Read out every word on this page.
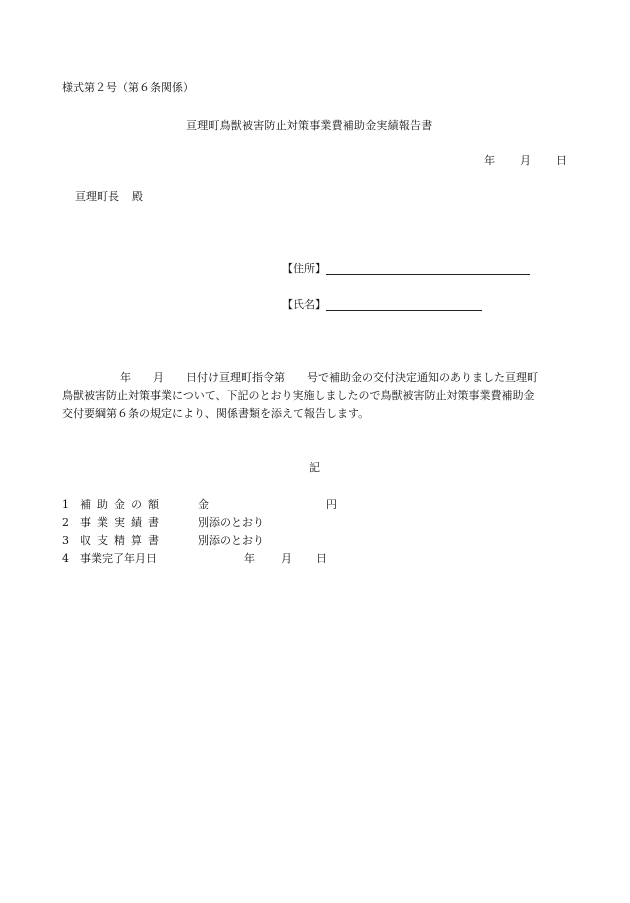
様式第２号（第６条関係）
亘理町鳥獣被害防止対策事業費補助金実績報告書
年 月 日
亘理町長 殿
【住所】
【氏名】
年　　月　　日付け亘理町指令第　　号で補助金の交付決定通知のありました亘理町
鳥獣被害防止対策事業について、下記のとおり実施しましたので鳥獣被害防止対策事業費補助金
交付要綱第６条の規定により、関係書類を添えて報告します。
記
1 補助金の額	金	円
2 事業実績書	別添のとおり
3 収支精算書	別添のとおり
4 事業完了年月日	年 月 日
